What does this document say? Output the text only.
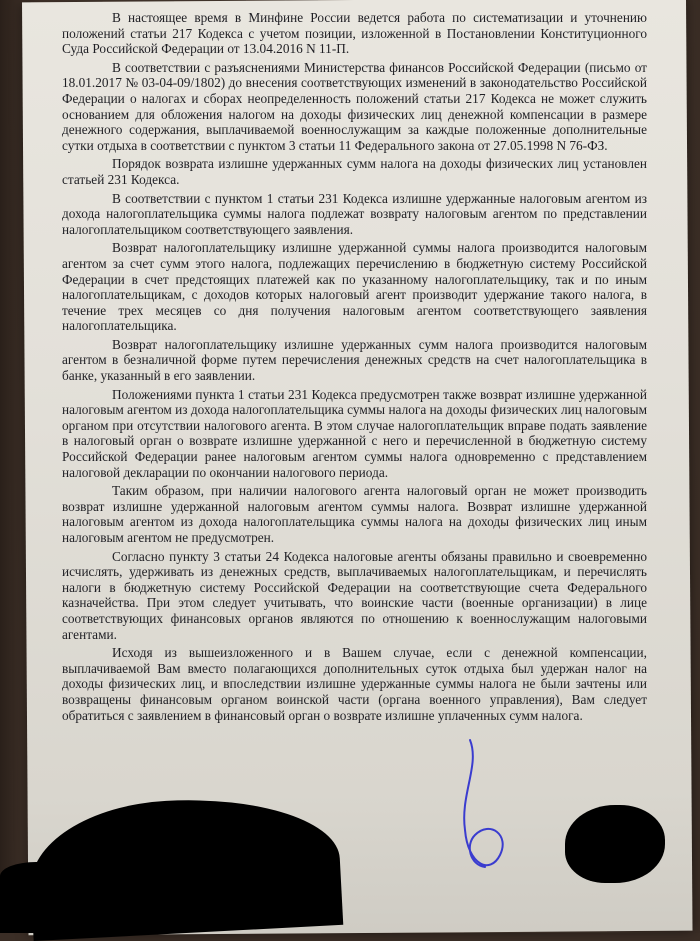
В настоящее время в Минфине России ведется работа по систематизации и уточнению положений статьи 217 Кодекса с учетом позиции, изложенной в Постановлении Конституционного Суда Российской Федерации от 13.04.2016 N 11-П.

В соответствии с разъяснениями Министерства финансов Российской Федерации (письмо от 18.01.2017 № 03-04-09/1802) до внесения соответствующих изменений в законодательство Российской Федерации о налогах и сборах неопределенность положений статьи 217 Кодекса не может служить основанием для обложения налогом на доходы физических лиц денежной компенсации в размере денежного содержания, выплачиваемой военнослужащим за каждые положенные дополнительные сутки отдыха в соответствии с пунктом 3 статьи 11 Федерального закона от 27.05.1998 N 76-ФЗ.

Порядок возврата излишне удержанных сумм налога на доходы физических лиц установлен статьей 231 Кодекса.

В соответствии с пунктом 1 статьи 231 Кодекса излишне удержанные налоговым агентом из дохода налогоплательщика суммы налога подлежат возврату налоговым агентом по представлении налогоплательщиком соответствующего заявления.

Возврат налогоплательщику излишне удержанной суммы налога производится налоговым агентом за счет сумм этого налога, подлежащих перечислению в бюджетную систему Российской Федерации в счет предстоящих платежей как по указанному налогоплательщику, так и по иным налогоплательщикам, с доходов которых налоговый агент производит удержание такого налога, в течение трех месяцев со дня получения налоговым агентом соответствующего заявления налогоплательщика.

Возврат налогоплательщику излишне удержанных сумм налога производится налоговым агентом в безналичной форме путем перечисления денежных средств на счет налогоплательщика в банке, указанный в его заявлении.

Положениями пункта 1 статьи 231 Кодекса предусмотрен также возврат излишне удержанной налоговым агентом из дохода налогоплательщика суммы налога на доходы физических лиц налоговым органом при отсутствии налогового агента. В этом случае налогоплательщик вправе подать заявление в налоговый орган о возврате излишне удержанной с него и перечисленной в бюджетную систему Российской Федерации ранее налоговым агентом суммы налога одновременно с представлением налоговой декларации по окончании налогового периода.

Таким образом, при наличии налогового агента налоговый орган не может производить возврат излишне удержанной налоговым агентом суммы налога. Возврат излишне удержанной налоговым агентом из дохода налогоплательщика суммы налога на доходы физических лиц иным налоговым агентом не предусмотрен.

Согласно пункту 3 статьи 24 Кодекса налоговые агенты обязаны правильно и своевременно исчислять, удерживать из денежных средств, выплачиваемых налогоплательщикам, и перечислять налоги в бюджетную систему Российской Федерации на соответствующие счета Федерального казначейства. При этом следует учитывать, что воинские части (военные организации) в лице соответствующих финансовых органов являются по отношению к военнослужащим налоговыми агентами.

Исходя из вышеизложенного и в Вашем случае, если с денежной компенсации, выплачиваемой Вам вместо полагающихся дополнительных суток отдыха был удержан налог на доходы физических лиц, и впоследствии излишне удержанные суммы налога не были зачтены или возвращены финансовым органом воинской части (органа военного управления), Вам следует обратиться с заявлением в финансовый орган о возврате излишне уплаченных сумм налога.
